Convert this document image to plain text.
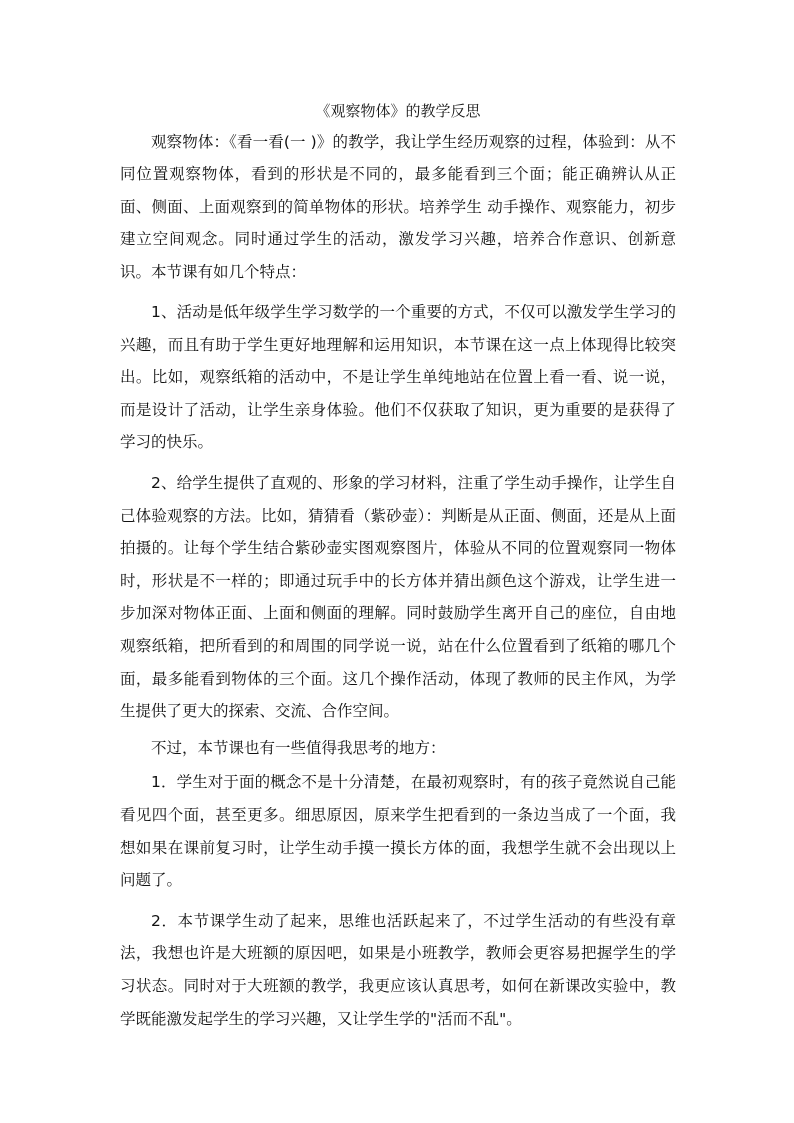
《观察物体》的教学反思

观察物体：《看一看(一 )》的教学，我让学生经历观察的过程，体验到：从不同位置观察物体，看到的形状是不同的，最多能看到三个面；能正确辨认从正面、侧面、上面观察到的简单物体的形状。培养学生 动手操作、观察能力，初步建立空间观念。同时通过学生的活动，激发学习兴趣，培养合作意识、创新意识。本节课有如几个特点：

1、活动是低年级学生学习数学的一个重要的方式，不仅可以激发学生学习的兴趣，而且有助于学生更好地理解和运用知识，本节课在这一点上体现得比较突出。比如，观察纸箱的活动中，不是让学生单纯地站在位置上看一看、说一说，而是设计了活动，让学生亲身体验。他们不仅获取了知识，更为重要的是获得了学习的快乐。

2、给学生提供了直观的、形象的学习材料，注重了学生动手操作，让学生自己体验观察的方法。比如，猜猜看（紫砂壶）：判断是从正面、侧面，还是从上面拍摄的。让每个学生结合紫砂壶实图观察图片，体验从不同的位置观察同一物体时，形状是不一样的；即通过玩手中的长方体并猜出颜色这个游戏，让学生进一步加深对物体正面、上面和侧面的理解。同时鼓励学生离开自己的座位，自由地观察纸箱，把所看到的和周围的同学说一说，站在什么位置看到了纸箱的哪几个面，最多能看到物体的三个面。这几个操作活动，体现了教师的民主作风，为学生提供了更大的探索、交流、合作空间。

不过，本节课也有一些值得我思考的地方：

1．学生对于面的概念不是十分清楚，在最初观察时，有的孩子竟然说自己能看见四个面，甚至更多。细思原因，原来学生把看到的一条边当成了一个面，我想如果在课前复习时，让学生动手摸一摸长方体的面，我想学生就不会出现以上问题了。

2．本节课学生动了起来，思维也活跃起来了，不过学生活动的有些没有章法，我想也许是大班额的原因吧，如果是小班教学，教师会更容易把握学生的学习状态。同时对于大班额的教学，我更应该认真思考，如何在新课改实验中，教学既能激发起学生的学习兴趣，又让学生学的"活而不乱"。
